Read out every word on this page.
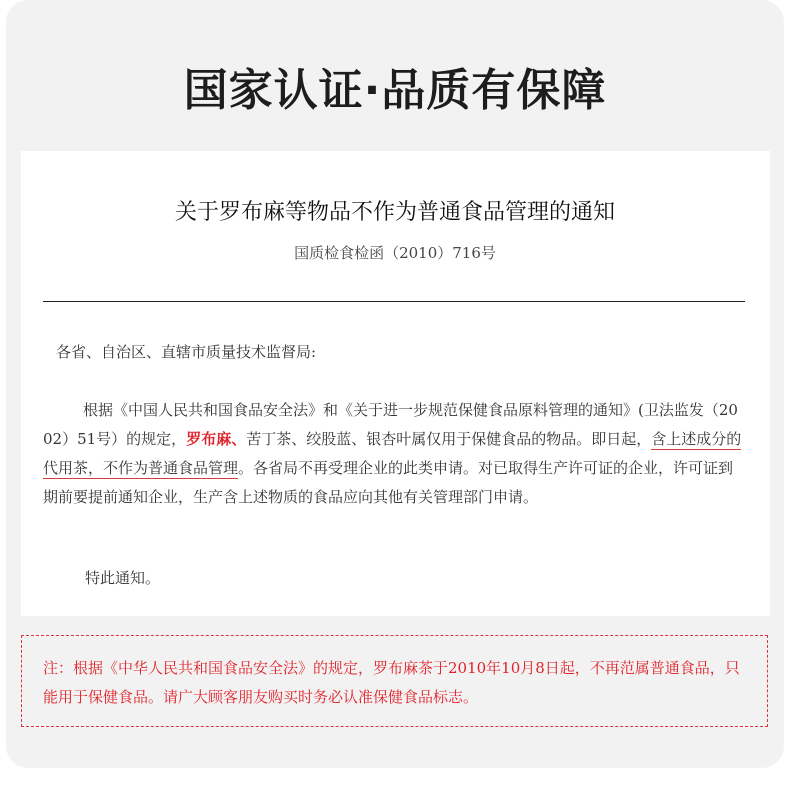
国家认证·品质有保障
关于罗布麻等物品不作为普通食品管理的通知
国质检食检函（2010）716号
各省、自治区、直辖市质量技术监督局:

根据《中国人民共和国食品安全法》和《关于进一步规范保健食品原料管理的通知》(卫法监发（2002）51号）的规定，罗布麻、苦丁茶、绞股蓝、银杏叶属仅用于保健食品的物品。即日起，含上述成分的代用茶，不作为普通食品管理。各省局不再受理企业的此类申请。对已取得生产许可证的企业，许可证到期前要提前通知企业，生产含上述物质的食品应向其他有关管理部门申请。

特此通知。

注：根据《中华人民共和国食品安全法》的规定，罗布麻茶于2010年10月8日起，不再范属普通食品，只能用于保健食品。请广大顾客朋友购买时务必认准保健食品标志。
